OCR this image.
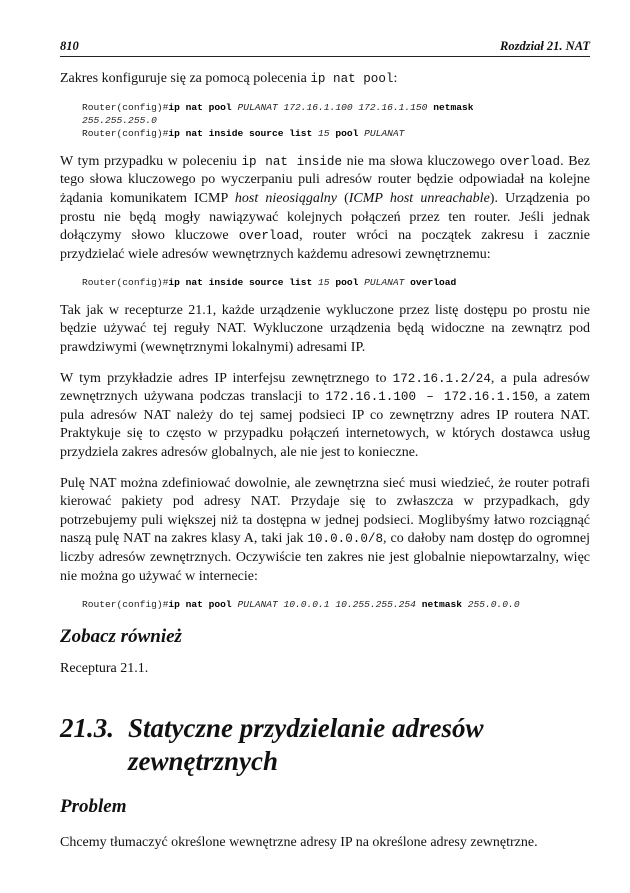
810	Rozdział 21. NAT

Zakres konfiguruje się za pomocą polecenia ip nat pool:

Router(config)#ip nat pool PULANAT 172.16.1.100 172.16.1.150 netmask
255.255.255.0
Router(config)#ip nat inside source list 15 pool PULANAT

W tym przypadku w poleceniu ip nat inside nie ma słowa kluczowego overload. Bez tego słowa kluczowego po wyczerpaniu puli adresów router będzie odpowiadał na kolejne żądania komunikatem ICMP host nieosiągalny (ICMP host unreachable). Urządzenia po prostu nie będą mogły nawiązywać kolejnych połączeń przez ten router. Jeśli jednak dołączymy słowo kluczowe overload, router wróci na początek zakresu i zacznie przydzielać wiele adresów wewnętrznych każdemu adresowi zewnętrznemu:

Router(config)#ip nat inside source list 15 pool PULANAT overload

Tak jak w recepturze 21.1, każde urządzenie wykluczone przez listę dostępu po prostu nie będzie używać tej reguły NAT. Wykluczone urządzenia będą widoczne na zewnątrz pod prawdziwymi (wewnętrznymi lokalnymi) adresami IP.

W tym przykładzie adres IP interfejsu zewnętrznego to 172.16.1.2/24, a pula adresów zewnętrznych używana podczas translacji to 172.16.1.100 – 172.16.1.150, a zatem pula adresów NAT należy do tej samej podsieci IP co zewnętrzny adres IP routera NAT. Praktykuje się to często w przypadku połączeń internetowych, w których dostawca usług przydziela zakres adresów globalnych, ale nie jest to konieczne.

Pulę NAT można zdefiniować dowolnie, ale zewnętrzna sieć musi wiedzieć, że router potrafi kierować pakiety pod adresy NAT. Przydaje się to zwłaszcza w przypadkach, gdy potrzebujemy puli większej niż ta dostępna w jednej podsieci. Moglibyśmy łatwo rozciągnąć naszą pulę NAT na zakres klasy A, taki jak 10.0.0.0/8, co dałoby nam dostęp do ogromnej liczby adresów zewnętrznych. Oczywiście ten zakres nie jest globalnie niepowtarzalny, więc nie można go używać w internecie:

Router(config)#ip nat pool PULANAT 10.0.0.1 10.255.255.254 netmask 255.0.0.0
Zobacz również

Receptura 21.1.

21.3. Statyczne przydzielanie adresów
zewnętrznych
Problem

Chcemy tłumaczyć określone wewnętrzne adresy IP na określone adresy zewnętrzne.
